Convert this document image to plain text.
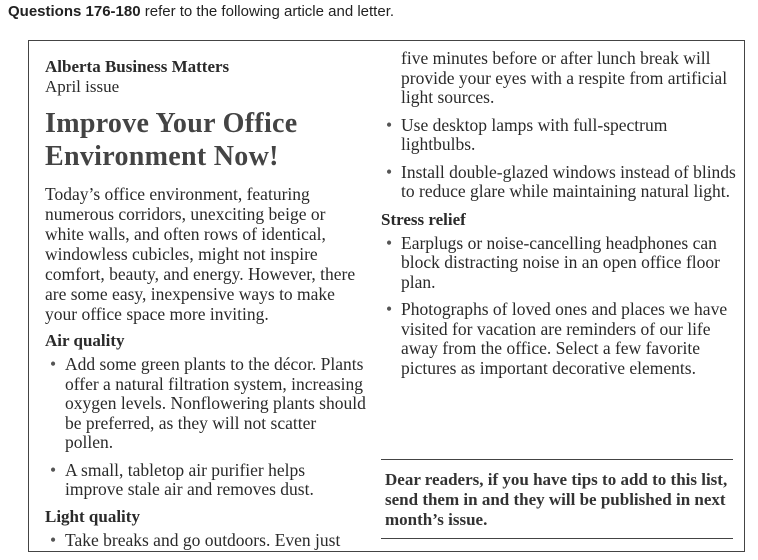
Questions 176-180 refer to the following article and letter.
Alberta Business Matters
April issue
Improve Your Office
Environment Now!
Today’s office environment, featuring numerous corridors, unexciting beige or white walls, and often rows of identical, windowless cubicles, might not inspire comfort, beauty, and energy. However, there are some easy, inexpensive ways to make your office space more inviting.
Air quality
• Add some green plants to the décor. Plants offer a natural filtration system, increasing oxygen levels. Nonflowering plants should be preferred, as they will not scatter pollen.
• A small, tabletop air purifier helps improve stale air and removes dust.
Light quality
• Take breaks and go outdoors. Even just
five minutes before or after lunch break will provide your eyes with a respite from artificial light sources.
• Use desktop lamps with full-spectrum lightbulbs.
• Install double-glazed windows instead of blinds to reduce glare while maintaining natural light.
Stress relief
• Earplugs or noise-cancelling headphones can block distracting noise in an open office floor plan.
• Photographs of loved ones and places we have visited for vacation are reminders of our life away from the office. Select a few favorite pictures as important decorative elements.
Dear readers, if you have tips to add to this list, send them in and they will be published in next month’s issue.
